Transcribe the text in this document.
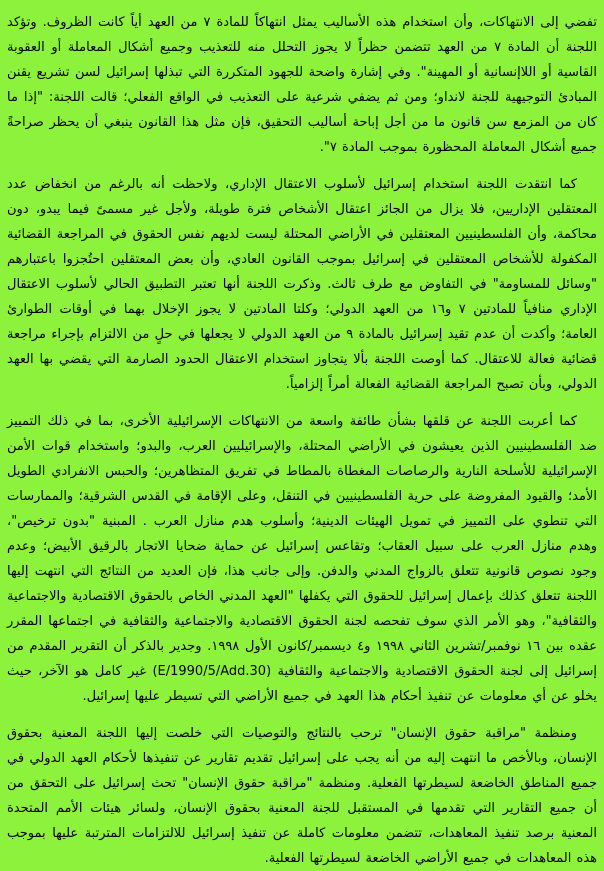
تفضي إلى الانتهاكات، وأن استخدام هذه الأساليب يمثل انتهاكاً للمادة ٧ من العهد أياً كانت الظروف. وتؤكد اللجنة أن المادة ٧ من العهد تتضمن حظراً لا يجوز التحلل منه للتعذيب وجميع أشكال المعاملة أو العقوبة القاسية أو اللاإنسانية أو المهينة". وفي إشارة واضحة للجهود المتكررة التي تبذلها إسرائيل لسن تشريع يقنن المبادئ التوجيهية للجنة لانداو؛ ومن ثم يضفي شرعية على التعذيب في الواقع الفعلي؛ قالت اللجنة: "إذا ما كان من المزمع سن قانون ما من أجل إباحة أساليب التحقيق، فإن مثل هذا القانون ينبغي أن يحظر صراحةً جميع أشكال المعاملة المحظورة بموجب المادة ٧".

كما انتقدت اللجنة استخدام إسرائيل لأسلوب الاعتقال الإداري، ولاحظت أنه بالرغم من انخفاض عدد المعتقلين الإداريين، فلا يزال من الجائز اعتقال الأشخاص فترة طويلة، ولأجل غير مسمىً فيما يبدو، دون محاكمة، وأن الفلسطينيين المعتقلين في الأراضي المحتلة ليست لديهم نفس الحقوق في المراجعة القضائية المكفولة للأشخاص المعتقلين في إسرائيل بموجب القانون العادي، وأن بعض المعتقلين احتُجزوا باعتبارهم "وسائل للمساومة" في التفاوض مع طرف ثالث. وذكرت اللجنة أنها تعتبر التطبيق الحالي لأسلوب الاعتقال الإداري منافياً للمادتين ٧ و١٦ من العهد الدولي؛ وكلتا المادتين لا يجوز الإخلال بهما في أوقات الطوارئ العامة؛ وأكدت أن عدم تقيد إسرائيل بالمادة ٩ من العهد الدولي لا يجعلها في حلٍ من الالتزام بإجراء مراجعة قضائية فعالة للاعتقال. كما أوصت اللجنة بألا يتجاوز استخدام الاعتقال الحدود الصارمة التي يقضي بها العهد الدولي، وبأن تصبح المراجعة القضائية الفعالة أمراً إلزامياً.

كما أعربت اللجنة عن قلقها بشأن طائفة واسعة من الانتهاكات الإسرائيلية الأخرى، بما في ذلك التمييز ضد الفلسطينيين الذين يعيشون في الأراضي المحتلة، والإسرائيليين العرب، والبدو؛ واستخدام قوات الأمن الإسرائيلية للأسلحة النارية والرصاصات المغطاة بالمطاط في تفريق المتظاهرين؛ والحبس الانفرادي الطويل الأمد؛ والقيود المفروضة على حرية الفلسطينيين في التنقل، وعلى الإقامة في القدس الشرقية؛ والممارسات التي تنطوي على التمييز في تمويل الهيئات الدينية؛ وأسلوب هدم منازل العرب . المبنية "بدون ترخيص"، وهدم منازل العرب على سبيل العقاب؛ وتقاعس إسرائيل عن حماية ضحايا الاتجار بالرقيق الأبيض؛ وعدم وجود نصوص قانونية تتعلق بالزواج المدني والدفن. وإلى جانب هذا، فإن العديد من النتائج التي انتهت إليها اللجنة تتعلق كذلك بإعمال إسرائيل للحقوق التي يكفلها "العهد المدني الخاص بالحقوق الاقتصادية والاجتماعية والثقافية"، وهو الأمر الذي سوف تفحصه لجنة الحقوق الاقتصادية والاجتماعية والثقافية في اجتماعها المقرر عقده بين ١٦ نوفمبر/تشرين الثاني ١٩٩٨ و٤ ديسمبر/كانون الأول ١٩٩٨. وجدير بالذكر أن التقرير المقدم من إسرائيل إلى لجنة الحقوق الاقتصادية والاجتماعية والثقافية (E/1990/5/Add.30) غير كامل هو الآخر، حيث يخلو عن أي معلومات عن تنفيذ أحكام هذا العهد في جميع الأراضي التي تسيطر عليها إسرائيل.

ومنظمة "مراقبة حقوق الإنسان" ترحب بالنتائج والتوصيات التي خلصت إليها اللجنة المعنية بحقوق الإنسان، وبالأخص ما انتهت إليه من أنه يجب على إسرائيل تقديم تقارير عن تنفيذها لأحكام العهد الدولي في جميع المناطق الخاضعة لسيطرتها الفعلية. ومنظمة "مراقبة حقوق الإنسان" تحث إسرائيل على التحقق من أن جميع التقارير التي تقدمها في المستقبل للجنة المعنية بحقوق الإنسان، ولسائر هيئات الأمم المتحدة المعنية برصد تنفيذ المعاهدات، تتضمن معلومات كاملة عن تنفيذ إسرائيل للالتزامات المترتبة عليها بموجب هذه المعاهدات في جميع الأراضي الخاضعة لسيطرتها الفعلية.
